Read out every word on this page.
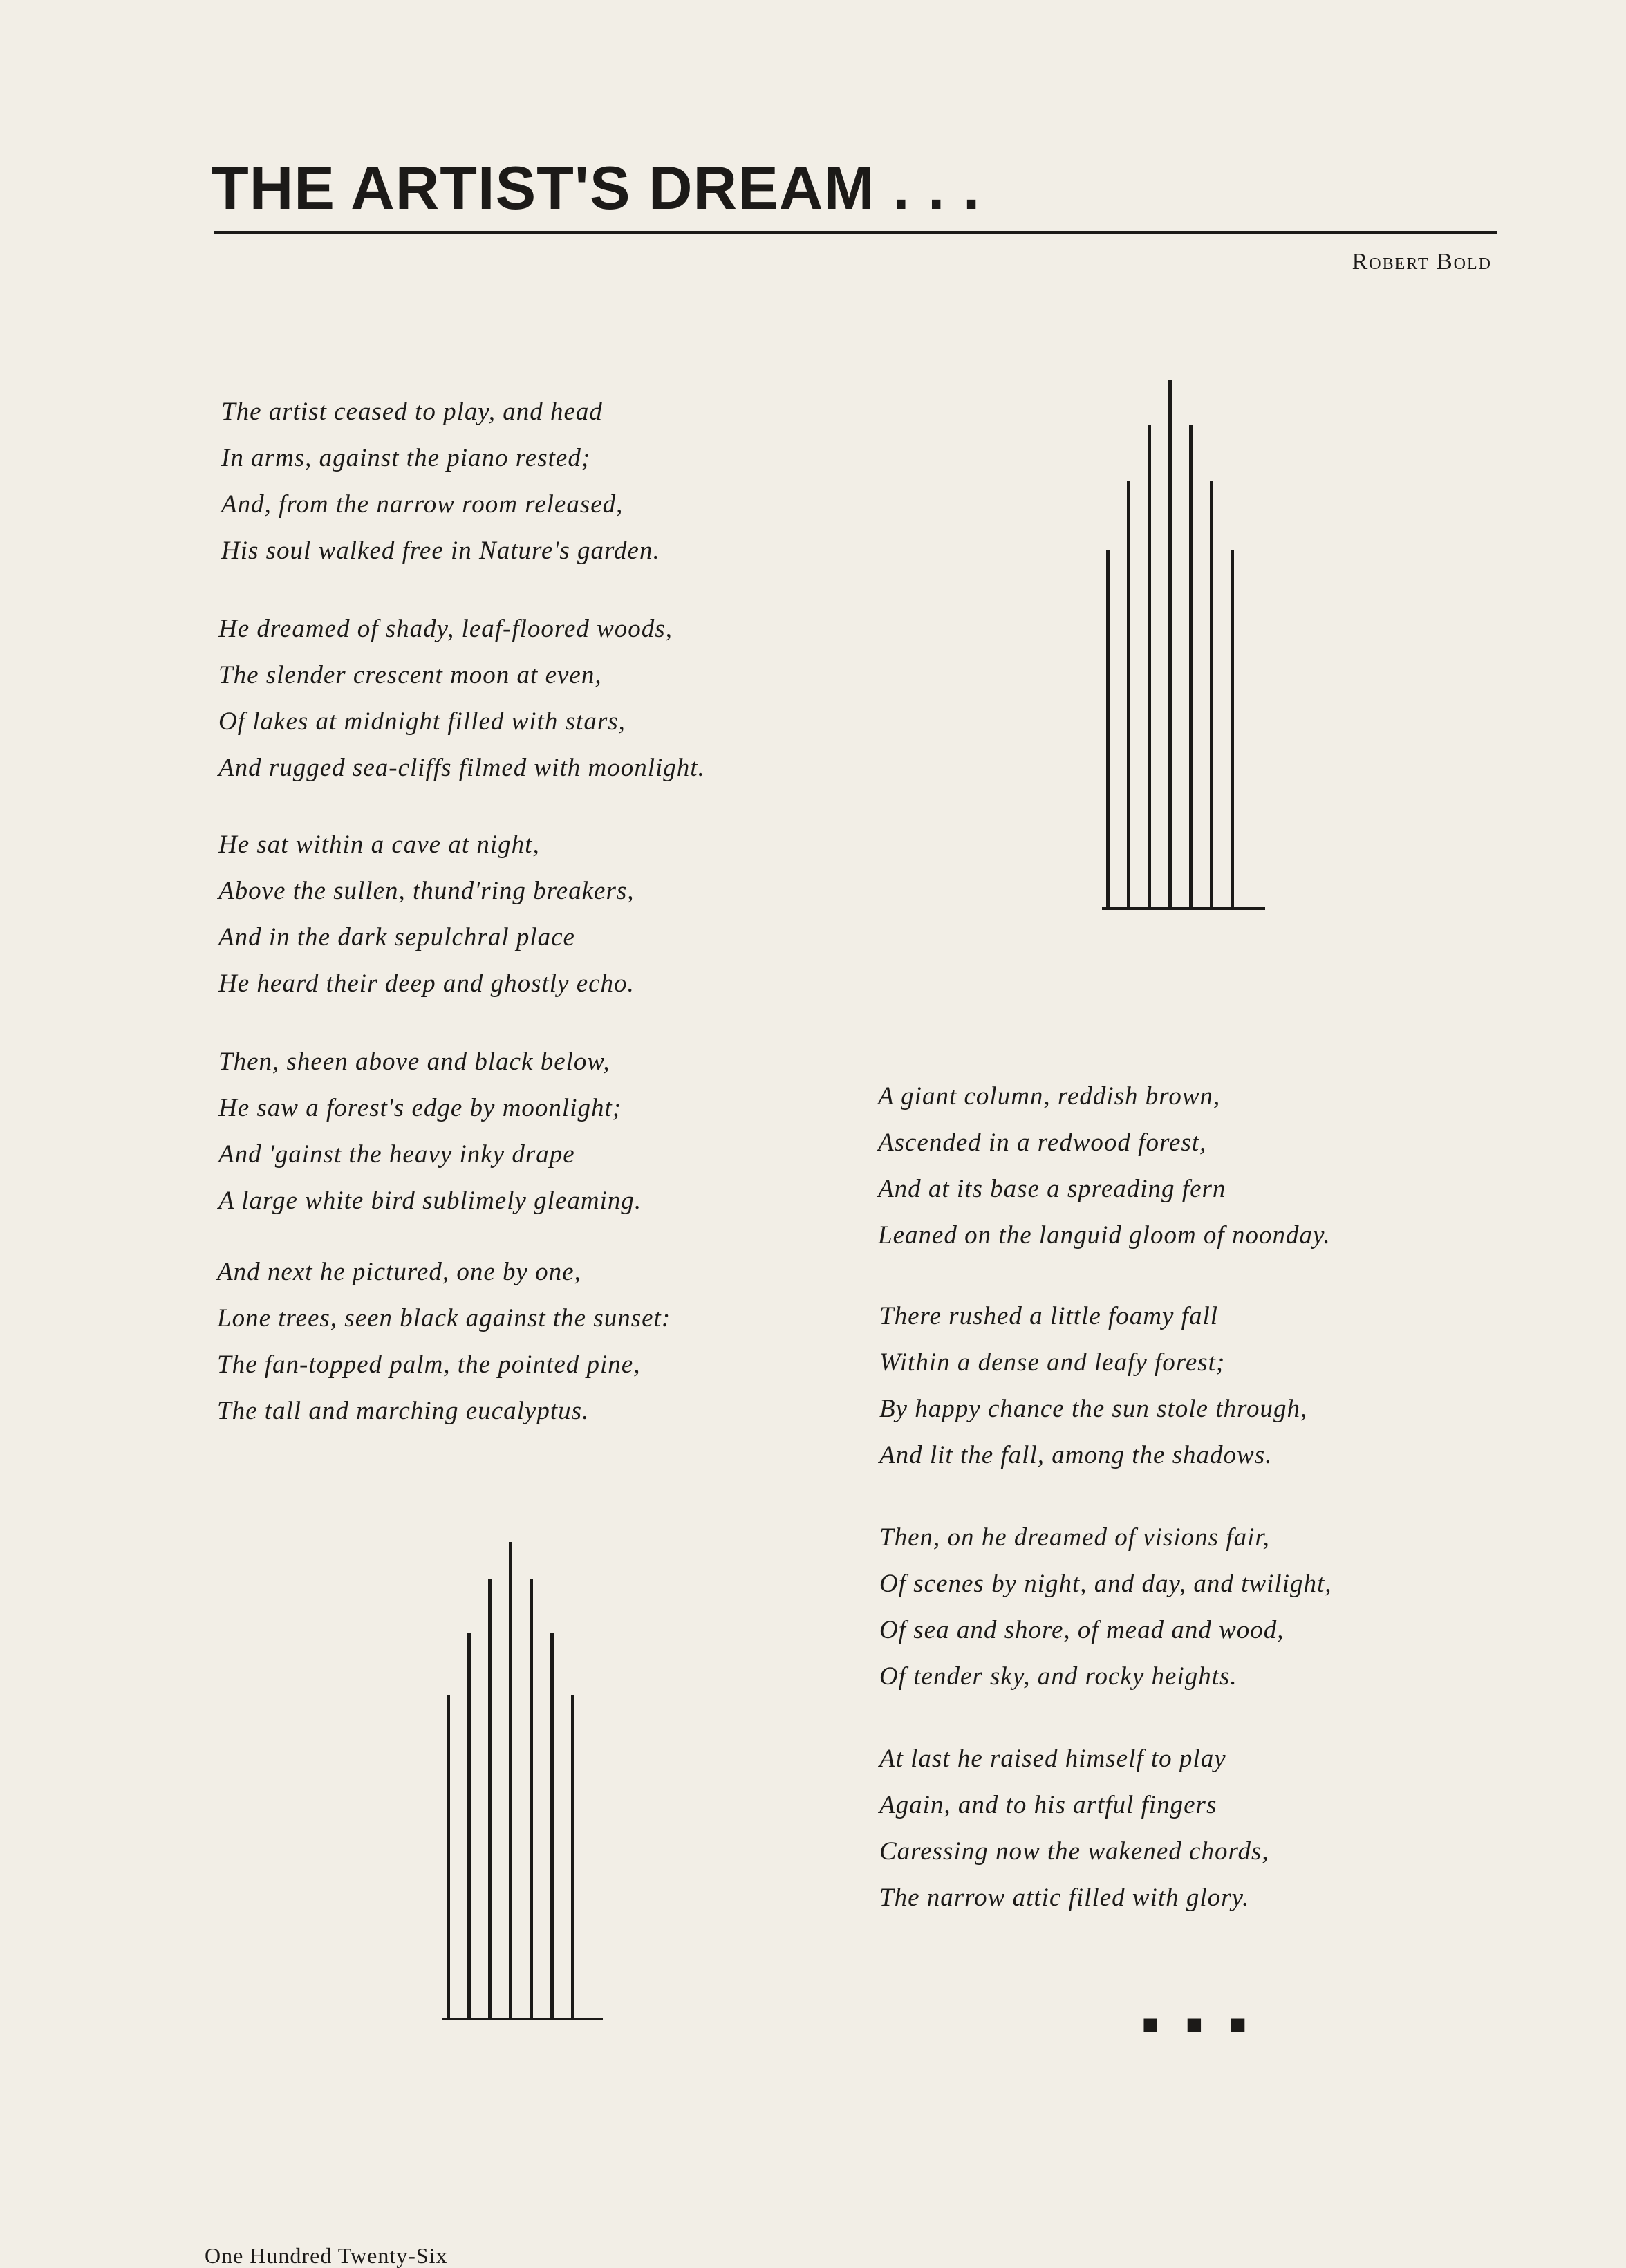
THE ARTIST'S DREAM . . .
Robert Bold
The artist ceased to play, and head
In arms, against the piano rested;
And, from the narrow room released,
His soul walked free in Nature's garden.
He dreamed of shady, leaf-floored woods,
The slender crescent moon at even,
Of lakes at midnight filled with stars,
And rugged sea-cliffs filmed with moonlight.
He sat within a cave at night,
Above the sullen, thund'ring breakers,
And in the dark sepulchral place
He heard their deep and ghostly echo.
Then, sheen above and black below,
He saw a forest's edge by moonlight;
And 'gainst the heavy inky drape
A large white bird sublimely gleaming.
And next he pictured, one by one,
Lone trees, seen black against the sunset:
The fan-topped palm, the pointed pine,
The tall and marching eucalyptus.
A giant column, reddish brown,
Ascended in a redwood forest,
And at its base a spreading fern
Leaned on the languid gloom of noonday.
There rushed a little foamy fall
Within a dense and leafy forest;
By happy chance the sun stole through,
And lit the fall, among the shadows.
Then, on he dreamed of visions fair,
Of scenes by night, and day, and twilight,
Of sea and shore, of mead and wood,
Of tender sky, and rocky heights.
At last he raised himself to play
Again, and to his artful fingers
Caressing now the wakened chords,
The narrow attic filled with glory.
■ ■ ■
One Hundred Twenty-Six
